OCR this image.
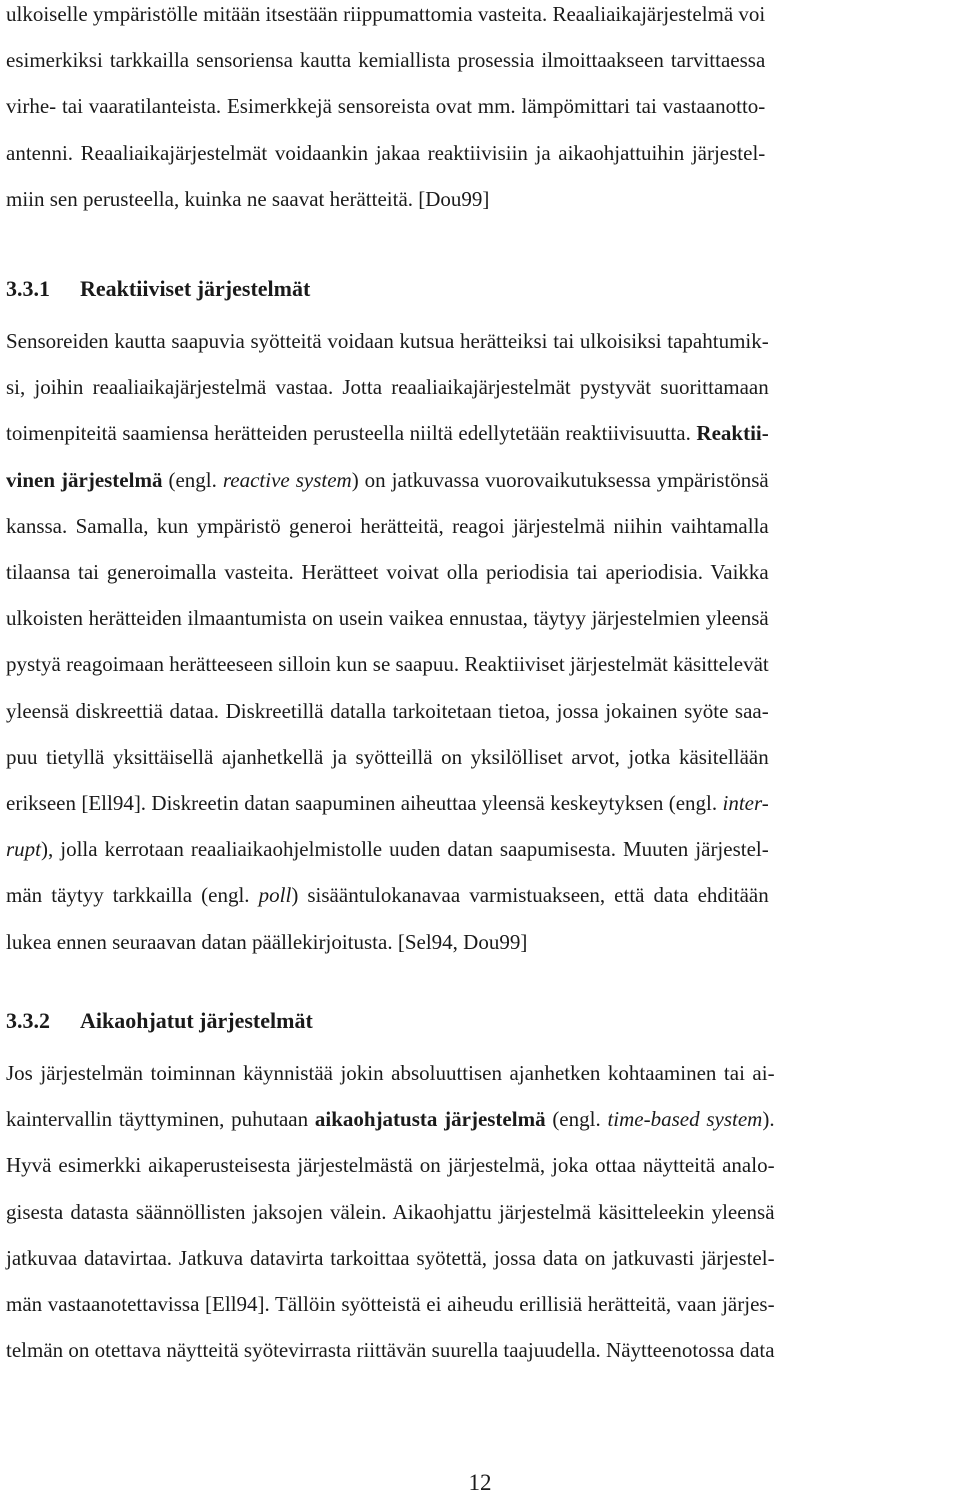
ulkoiselle ympäristölle mitään itsestään riippumattomia vasteita. Reaaliaikajärjestelmä voi
esimerkiksi tarkkailla sensoriensa kautta kemiallista prosessia ilmoittaakseen tarvittaessa
virhe- tai vaaratilanteista. Esimerkkejä sensoreista ovat mm. lämpömittari tai vastaanotto-
antenni. Reaaliaikajärjestelmät voidaankin jakaa reaktiivisiin ja aikaohjattuihin järjestel-
miin sen perusteella, kuinka ne saavat herätteitä. [Dou99]
3.3.1 Reaktiiviset järjestelmät
Sensoreiden kautta saapuvia syötteitä voidaan kutsua herätteiksi tai ulkoisiksi tapahtumik-
si, joihin reaaliaikajärjestelmä vastaa. Jotta reaaliaikajärjestelmät pystyvät suorittamaan
toimenpiteitä saamiensa herätteiden perusteella niiltä edellytetään reaktiivisuutta. Reaktii-
vinen järjestelmä (engl. reactive system) on jatkuvassa vuorovaikutuksessa ympäristönsä
kanssa. Samalla, kun ympäristö generoi herätteitä, reagoi järjestelmä niihin vaihtamalla
tilaansa tai generoimalla vasteita. Herätteet voivat olla periodisia tai aperiodisia. Vaikka
ulkoisten herätteiden ilmaantumista on usein vaikea ennustaa, täytyy järjestelmien yleensä
pystyä reagoimaan herätteeseen silloin kun se saapuu. Reaktiiviset järjestelmät käsittelevät
yleensä diskreettiä dataa. Diskreetillä datalla tarkoitetaan tietoa, jossa jokainen syöte saa-
puu tietyllä yksittäisellä ajanhetkellä ja syötteillä on yksilölliset arvot, jotka käsitellään
erikseen [Ell94]. Diskreetin datan saapuminen aiheuttaa yleensä keskeytyksen (engl. inter-
rupt), jolla kerrotaan reaaliaikaohjelmistolle uuden datan saapumisesta. Muuten järjestel-
män täytyy tarkkailla (engl. poll) sisääntulokanavaa varmistuakseen, että data ehditään
lukea ennen seuraavan datan päällekirjoitusta. [Sel94, Dou99]
3.3.2 Aikaohjatut järjestelmät
Jos järjestelmän toiminnan käynnistää jokin absoluuttisen ajanhetken kohtaaminen tai ai-
kaintervallin täyttyminen, puhutaan aikaohjatusta järjestelmä (engl. time-based system).
Hyvä esimerkki aikaperusteisesta järjestelmästä on järjestelmä, joka ottaa näytteitä analo-
gisesta datasta säännöllisten jaksojen välein. Aikaohjattu järjestelmä käsitteleekin yleensä
jatkuvaa datavirtaa. Jatkuva datavirta tarkoittaa syötettä, jossa data on jatkuvasti järjestel-
män vastaanotettavissa [Ell94]. Tällöin syötteistä ei aiheudu erillisiä herätteitä, vaan järjes-
telmän on otettava näytteitä syötevirrasta riittävän suurella taajuudella. Näytteenotossa data
12
